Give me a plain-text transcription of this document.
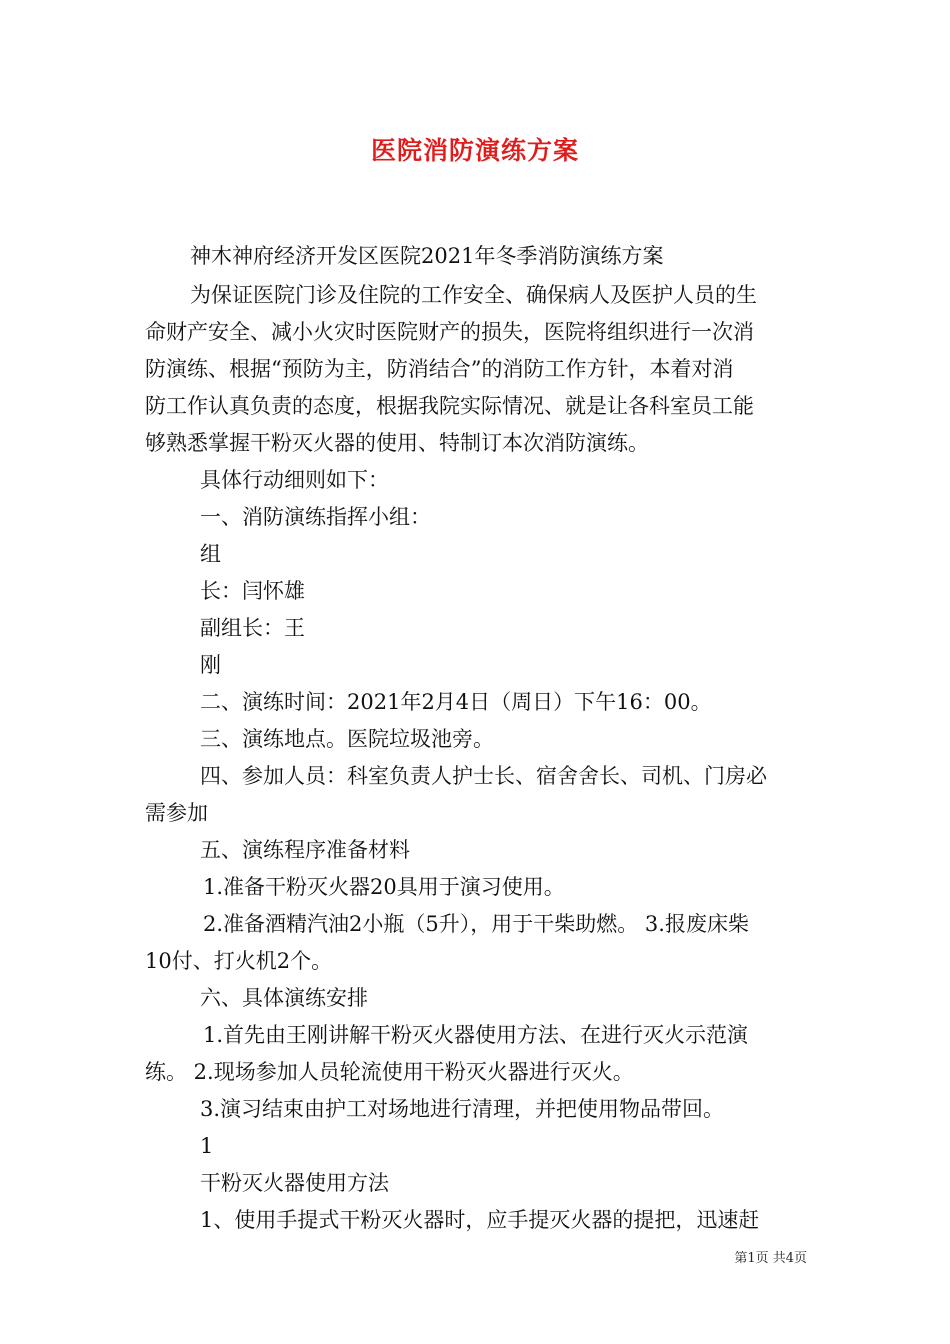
医院消防演练方案
神木神府经济开发区医院2021年冬季消防演练方案
为保证医院门诊及住院的工作安全、确保病人及医护人员的生
命财产安全、减小火灾时医院财产的损失，医院将组织进行一次消
防演练、根据“预防为主，防消结合”的消防工作方针，本着对消
防工作认真负责的态度，根据我院实际情况、就是让各科室员工能
够熟悉掌握干粉灭火器的使用、特制订本次消防演练。
具体行动细则如下：
一、消防演练指挥小组：
组
长：闫怀雄
副组长：王
刚
二、演练时间：2021年2月4日（周日）下午16：00。
三、演练地点。医院垃圾池旁。
四、参加人员：科室负责人护士长、宿舍舍长、司机、门房必
需参加
五、演练程序准备材料
1.准备干粉灭火器20具用于演习使用。
2.准备酒精汽油2小瓶（5升），用于干柴助燃。 3.报废床柴
10付、打火机2个。
六、具体演练安排
1.首先由王刚讲解干粉灭火器使用方法、在进行灭火示范演
练。 2.现场参加人员轮流使用干粉灭火器进行灭火。
3.演习结束由护工对场地进行清理，并把使用物品带回。
1
干粉灭火器使用方法
1、使用手提式干粉灭火器时，应手提灭火器的提把，迅速赶
第1页 共4页
